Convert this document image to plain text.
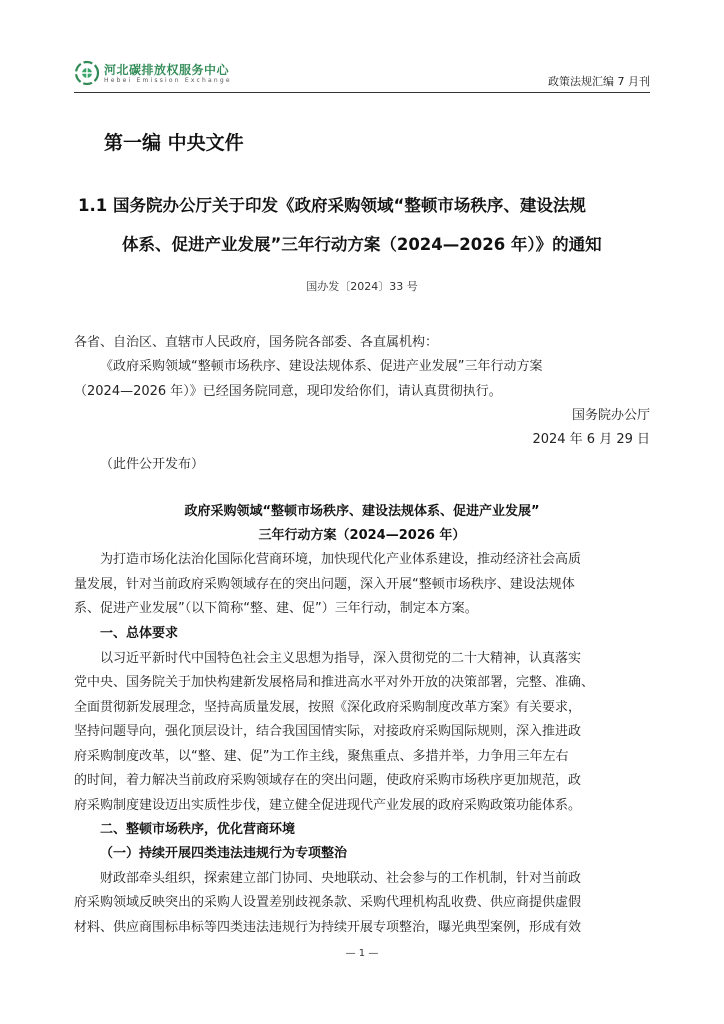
河北碳排放权服务中心
Hebei Emission Exchange	政策法规汇编 7 月刊
第一编 中央文件
1.1 国务院办公厅关于印发《政府采购领域“整顿市场秩序、建设法规
体系、促进产业发展”三年行动方案（2024—2026 年）》的通知
国办发〔2024〕33 号
各省、自治区、直辖市人民政府，国务院各部委、各直属机构：
《政府采购领域“整顿市场秩序、建设法规体系、促进产业发展”三年行动方案
（2024—2026 年）》已经国务院同意，现印发给你们，请认真贯彻执行。
国务院办公厅
2024 年 6 月 29 日
（此件公开发布）
政府采购领域“整顿市场秩序、建设法规体系、促进产业发展”
三年行动方案（2024—2026 年）
为打造市场化法治化国际化营商环境，加快现代化产业体系建设，推动经济社会高质
量发展，针对当前政府采购领域存在的突出问题，深入开展“整顿市场秩序、建设法规体
系、促进产业发展”（以下简称“整、建、促”）三年行动，制定本方案。
一、总体要求
以习近平新时代中国特色社会主义思想为指导，深入贯彻党的二十大精神，认真落实
党中央、国务院关于加快构建新发展格局和推进高水平对外开放的决策部署，完整、准确、
全面贯彻新发展理念，坚持高质量发展，按照《深化政府采购制度改革方案》有关要求，
坚持问题导向，强化顶层设计，结合我国国情实际，对接政府采购国际规则，深入推进政
府采购制度改革，以“整、建、促”为工作主线，聚焦重点、多措并举，力争用三年左右
的时间，着力解决当前政府采购领域存在的突出问题，使政府采购市场秩序更加规范，政
府采购制度建设迈出实质性步伐，建立健全促进现代产业发展的政府采购政策功能体系。
二、整顿市场秩序，优化营商环境
（一）持续开展四类违法违规行为专项整治
财政部牵头组织，探索建立部门协同、央地联动、社会参与的工作机制，针对当前政
府采购领域反映突出的采购人设置差别歧视条款、采购代理机构乱收费、供应商提供虚假
材料、供应商围标串标等四类违法违规行为持续开展专项整治，曝光典型案例，形成有效
— 1 —
